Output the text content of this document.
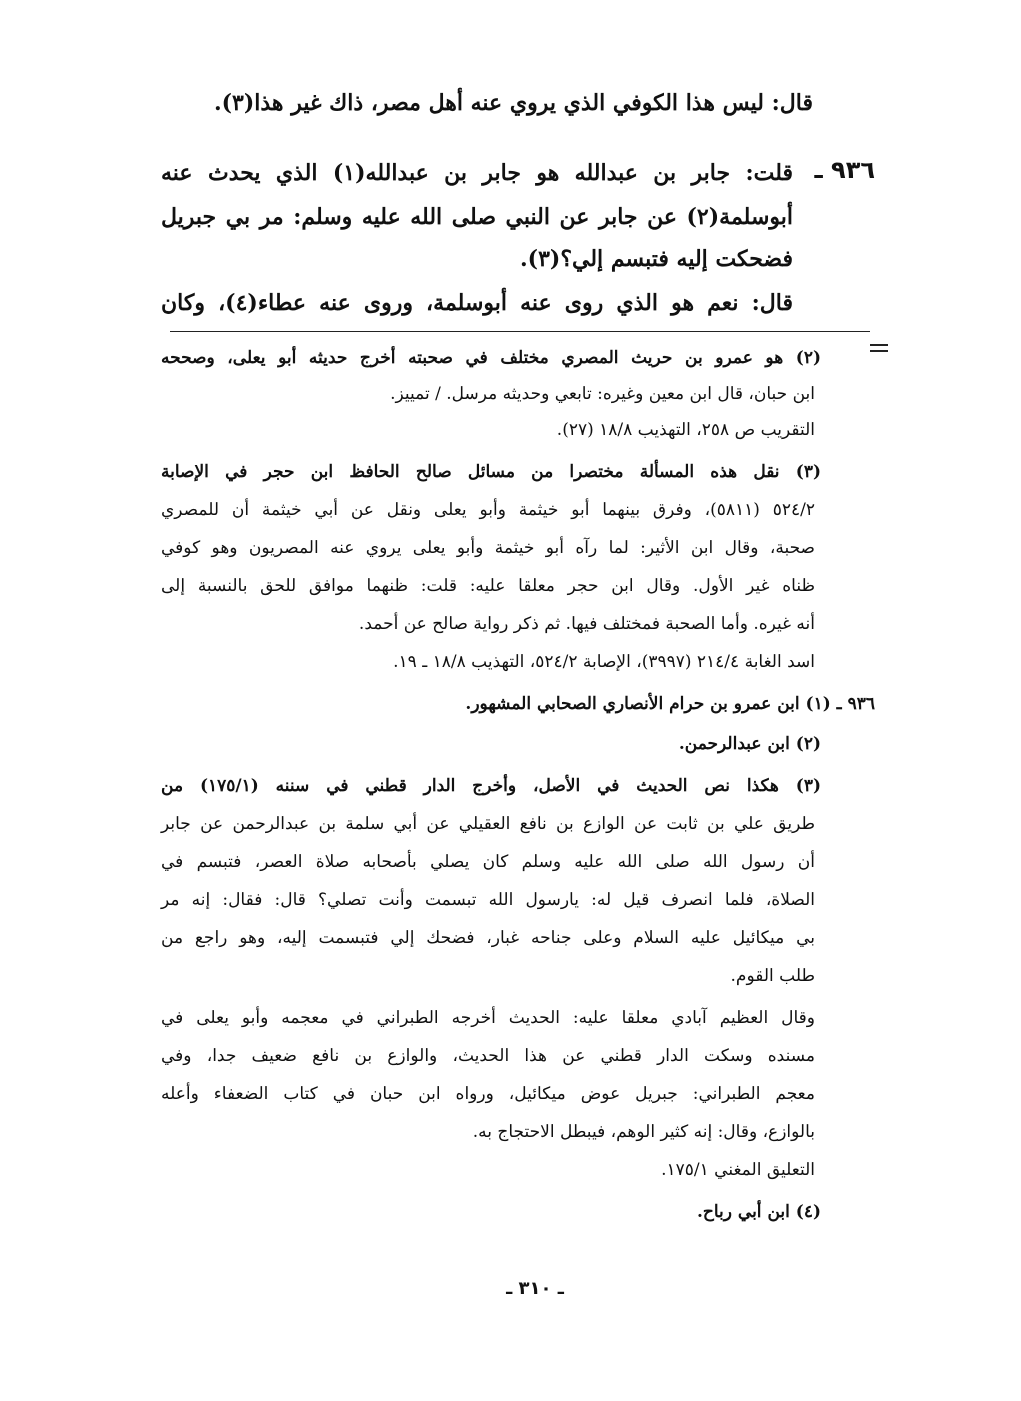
قال: ليس هذا الكوفي الذي يروي عنه أهل مصر، ذاك غير هذا(٣).
٩٣٦ ـ
قلت: جابر بن عبدالله هو جابر بن عبدالله(١) الذي يحدث عنه
أبوسلمة(٢) عن جابر عن النبي صلى الله عليه وسلم: مر بي جبريل
فضحكت إليه فتبسم إلي؟(٣).
قال: نعم هو الذي روى عنه أبوسلمة، وروى عنه عطاء(٤)، وكان
(٢) هو عمرو بن حريث المصري مختلف في صحبته أخرج حديثه أبو يعلى، وصححه
ابن حبان، قال ابن معين وغيره: تابعي وحديثه مرسل. / تمييز.
التقريب ص ٢٥٨، التهذيب ١٨/٨ (٢٧).
(٣) نقل هذه المسألة مختصرا من مسائل صالح الحافظ ابن حجر في الإصابة
٥٢٤/٢ (٥٨١١)، وفرق بينهما أبو خيثمة وأبو يعلى ونقل عن أبي خيثمة أن للمصري
صحبة، وقال ابن الأثير: لما رآه أبو خيثمة وأبو يعلى يروي عنه المصريون وهو كوفي
ظناه غير الأول. وقال ابن حجر معلقا عليه: قلت: ظنهما موافق للحق بالنسبة إلى
أنه غيره. وأما الصحبة فمختلف فيها. ثم ذكر رواية صالح عن أحمد.
اسد الغابة ٢١٤/٤ (٣٩٩٧)، الإصابة ٥٢٤/٢، التهذيب ١٨/٨ ـ ١٩.
٩٣٦ ـ (١) ابن عمرو بن حرام الأنصاري الصحابي المشهور.
(٢) ابن عبدالرحمن.
(٣) هكذا نص الحديث في الأصل، وأخرج الدار قطني في سننه (١٧٥/١) من
طريق علي بن ثابت عن الوازع بن نافع العقيلي عن أبي سلمة بن عبدالرحمن عن جابر
أن رسول الله صلى الله عليه وسلم كان يصلي بأصحابه صلاة العصر، فتبسم في
الصلاة، فلما انصرف قيل له: يارسول الله تبسمت وأنت تصلي؟ قال: فقال: إنه مر
بي ميكائيل عليه السلام وعلى جناحه غبار، فضحك إلي فتبسمت إليه، وهو راجع من
طلب القوم.
وقال العظيم آبادي معلقا عليه: الحديث أخرجه الطبراني في معجمه وأبو يعلى في
مسنده وسكت الدار قطني عن هذا الحديث، والوازع بن نافع ضعيف جدا، وفي
معجم الطبراني: جبريل عوض ميكائيل، ورواه ابن حبان في كتاب الضعفاء وأعله
بالوازع، وقال: إنه كثير الوهم، فيبطل الاحتجاج به.
التعليق المغني ١٧٥/١.
(٤) ابن أبي رباح.
ـ ٣١٠ ـ
